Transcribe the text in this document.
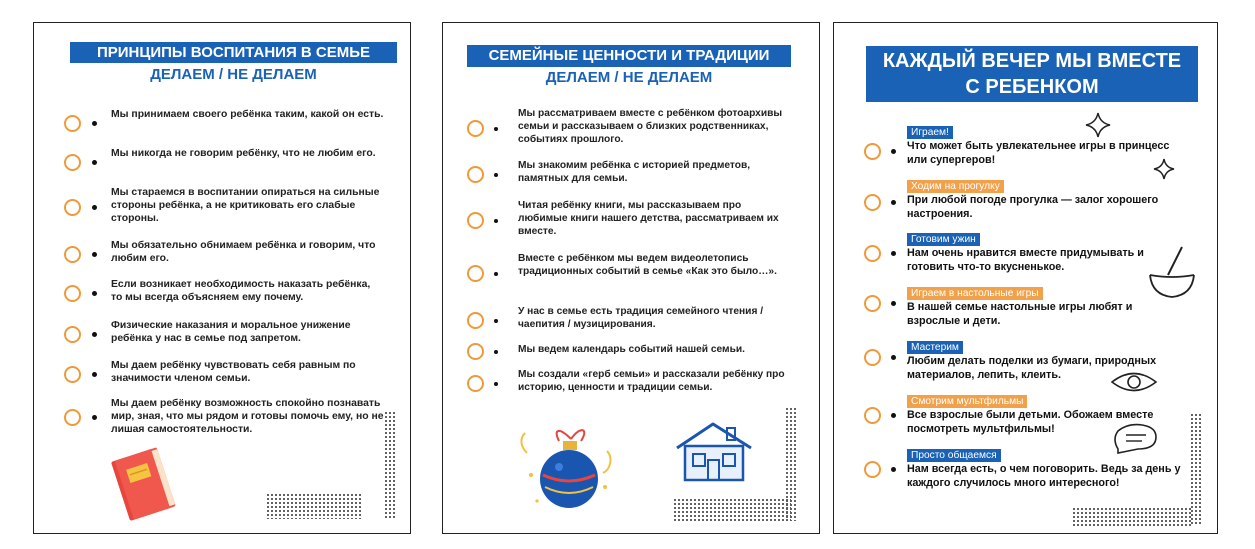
ПРИНЦИПЫ ВОСПИТАНИЯ В СЕМЬЕ
ДЕЛАЕМ / НЕ ДЕЛАЕМ
Мы принимаем своего ребёнка таким, какой он есть.
Мы никогда не говорим ребёнку, что не любим его.
Мы стараемся в воспитании опираться на сильные стороны ребёнка, а не критиковать его слабые стороны.
Мы обязательно обнимаем ребёнка и говорим, что любим его.
Если возникает необходимость наказать ребёнка, то мы всегда объясняем ему почему.
Физические наказания и моральное унижение ребёнка у нас в семье под запретом.
Мы даем ребёнку чувствовать себя равным по значимости членом семьи.
Мы даем ребёнку возможность спокойно познавать мир, зная, что мы рядом и готовы помочь ему, но не лишая самостоятельности.
СЕМЕЙНЫЕ ЦЕННОСТИ И ТРАДИЦИИ
ДЕЛАЕМ / НЕ ДЕЛАЕМ
Мы рассматриваем вместе с ребёнком фотоархивы семьи и рассказываем о близких родственниках, событиях прошлого.
Мы знакомим ребёнка с историей предметов, памятных для семьи.
Читая ребёнку книги, мы рассказываем про любимые книги нашего детства, рассматриваем их вместе.
Вместе с ребёнком мы ведем видеолетопись традиционных событий в семье «Как это было…».
У нас в семье есть традиция семейного чтения / чаепития / музицирования.
Мы ведем календарь событий нашей семьи.
Мы создали «герб семьи» и рассказали ребёнку про историю, ценности и традиции семьи.
КАЖДЫЙ ВЕЧЕР МЫ ВМЕСТЕ
С РЕБЕНКОМ
Играем!
Что может быть увлекательнее игры в принцесс или супергеров!
Ходим на прогулку
При любой погоде прогулка — залог хорошего настроения.
Готовим ужин
Нам очень нравится вместе придумывать и готовить что-то вкусненькое.
Играем в настольные игры
В нашей семье настольные игры любят и взрослые и дети.
Мастерим
Любим делать поделки из бумаги, природных материалов, лепить, клеить.
Смотрим мультфильмы
Все взрослые были детьми. Обожаем вместе посмотреть мультфильмы!
Просто общаемся
Нам всегда есть, о чем поговорить. Ведь за день у каждого случилось много интересного!
